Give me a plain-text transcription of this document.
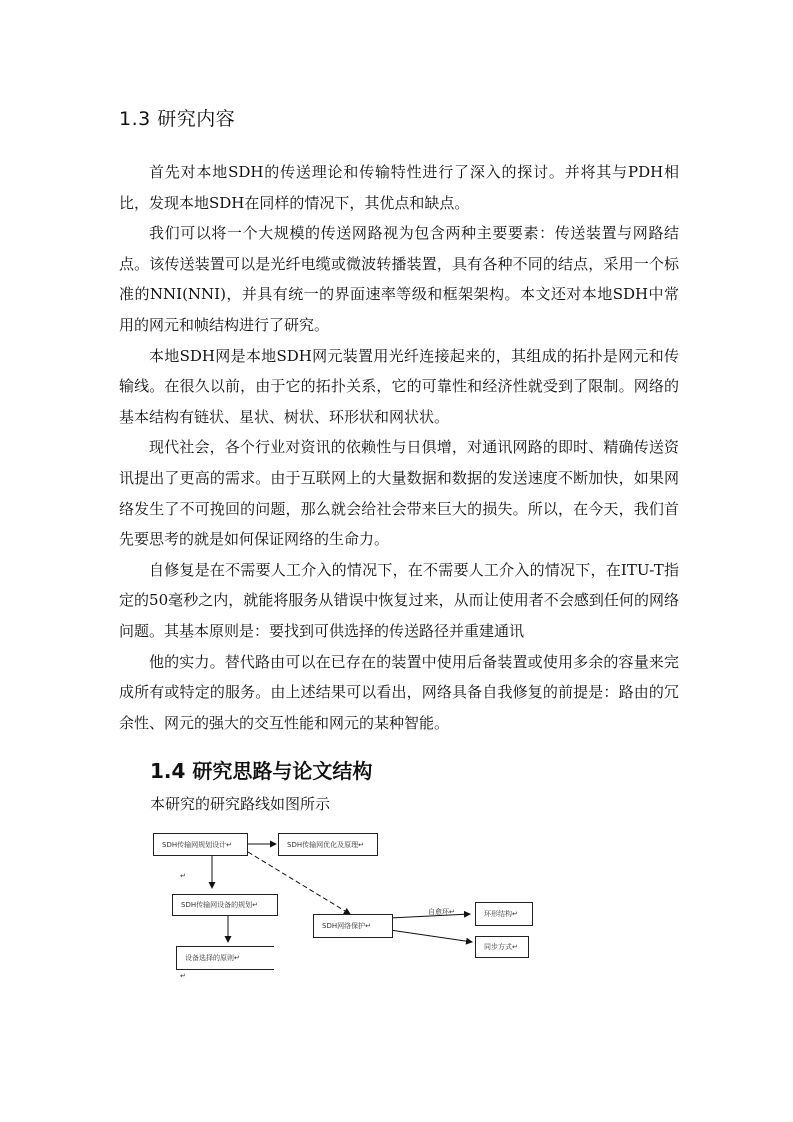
1.3 研究内容

首先对本地SDH的传送理论和传输特性进行了深入的探讨。并将其与PDH相比，发现本地SDH在同样的情况下，其优点和缺点。

我们可以将一个大规模的传送网路视为包含两种主要要素：传送装置与网路结点。该传送装置可以是光纤电缆或微波转播装置，具有各种不同的结点，采用一个标准的NNI(NNI)，并具有统一的界面速率等级和框架架构。本文还对本地SDH中常用的网元和帧结构进行了研究。

本地SDH网是本地SDH网元装置用光纤连接起来的，其组成的拓扑是网元和传输线。在很久以前，由于它的拓扑关系，它的可靠性和经济性就受到了限制。网络的基本结构有链状、星状、树状、环形状和网状状。

现代社会，各个行业对资讯的依赖性与日俱增，对通讯网路的即时、精确传送资讯提出了更高的需求。由于互联网上的大量数据和数据的发送速度不断加快，如果网络发生了不可挽回的问题，那么就会给社会带来巨大的损失。所以，在今天，我们首先要思考的就是如何保证网络的生命力。

自修复是在不需要人工介入的情况下，在不需要人工介入的情况下，在ITU-T指定的50毫秒之内，就能将服务从错误中恢复过来，从而让使用者不会感到任何的网络问题。其基本原则是：要找到可供选择的传送路径并重建通讯

他的实力。替代路由可以在已存在的装置中使用后备装置或使用多余的容量来完成所有或特定的服务。由上述结果可以看出，网络具备自我修复的前提是：路由的冗余性、网元的强大的交互性能和网元的某种智能。

1.4 研究思路与论文结构
本研究的研究路线如图所示
SDH传输网规划设计↵	SDH传输网优化及原理↵
SDH传输网设备的规划↵
SDH网络保护↵
设备选择的原则↵
环形结构↵
同步方式↵
自愈环↵
↵
↵
